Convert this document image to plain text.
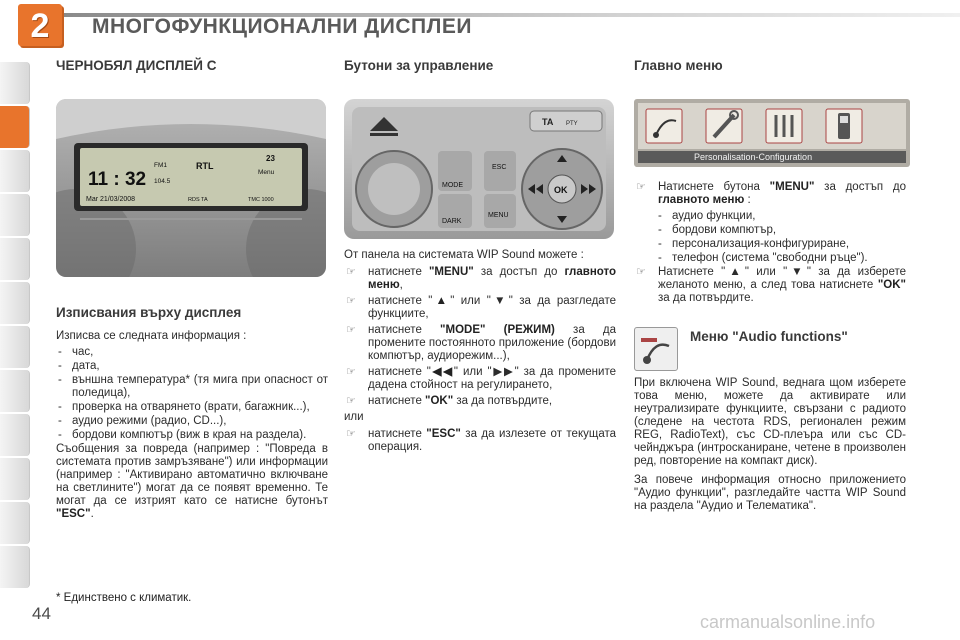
2	МНОГОФУНКЦИОНАЛНИ ДИСПЛЕИ
ЧЕРНОБЯЛ ДИСПЛЕЙ C
11 : 32
Mar 21/03/2008
FM1	RTL
104.5
23
Menu
RDS TA	TMC 1000
Изписвания върху дисплея

Изписва се следната информация :

- час,
- дата,
- външна температура* (тя мига при опасност от поледица),
- проверка на отварянето (врати, багажник...),
- аудио режими (радио, CD...),
- бордови компютър (виж в края на раздела).

Съобщения за повреда (например : "Повреда в системата против замръзяване") или информации (например : "Активирано автоматично включване на светлините") могат да се появят временно. Те могат да се изтрият като се натисне бутонът "ESC".

* Единствено с климатик.
Бутони за управление
TA PTY
MODE
DARK
ESC
MENU
OK

От панела на системата WIP Sound можете :

☞ натиснете "MENU" за достъп до главното меню,
☞ натиснете "▲" или "▼" за да разгледате функциите,
☞ натиснете "MODE" (РЕЖИМ) за да промените постоянното приложение (бордови компютър, аудиорежим...),
☞ натиснете "◀◀" или "▶▶" за да промените дадена стойност на регулирането,
☞ натиснете "OK" за да потвърдите,

или

☞ натиснете "ESC" за да излезете от текущата операция.
Главно меню
Personalisation-Configuration
☞ Натиснете бутона "MENU" за достъп до главното меню :
- аудио функции,
- бордови компютър,
- персонализация-конфигуриране,
- телефон (система "свободни ръце").
☞ Натиснете "▲" или "▼" за да изберете желаното меню, а след това натиснете "OK" за да потвърдите.
Меню "Audio functions"

При включена WIP Sound, веднага щом изберете това меню, можете да активирате или неутрализирате функциите, свързани с радиото (следене на честота RDS, регионален режим REG, RadioText), със CD-плеъра или със CD-чейнджъра (интросканиране, четене в произволен ред, повторение на компакт диск).

За повече информация относно приложението "Аудио функции", разгледайте частта WIP Sound на раздела "Аудио и Телематика".

44	carmanualsonline.info
